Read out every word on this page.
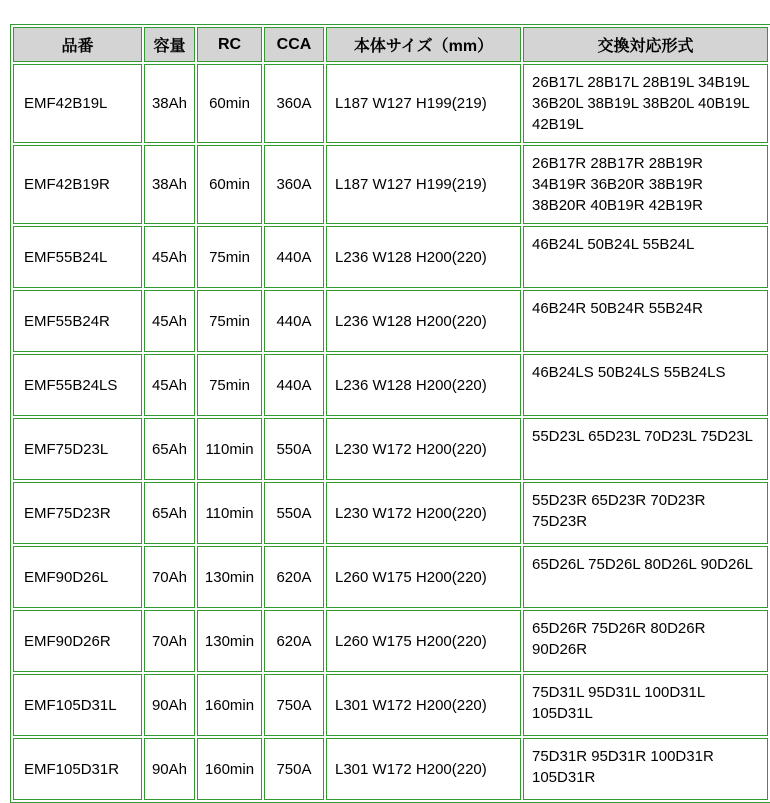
品番	容量	RC	CCA	本体サイズ（mm）	交換対応形式
EMF42B19L	38Ah	60min	360A	L187 W127 H199(219)	26B17L 28B17L 28B19L 34B19L 36B20L 38B19L 38B20L 40B19L 42B19L
EMF42B19R	38Ah	60min	360A	L187 W127 H199(219)	26B17R 28B17R 28B19R 34B19R 36B20R 38B19R 38B20R 40B19R 42B19R
EMF55B24L	45Ah	75min	440A	L236 W128 H200(220)	46B24L 50B24L 55B24L
EMF55B24R	45Ah	75min	440A	L236 W128 H200(220)	46B24R 50B24R 55B24R
EMF55B24LS	45Ah	75min	440A	L236 W128 H200(220)	46B24LS 50B24LS 55B24LS
EMF75D23L	65Ah	110min	550A	L230 W172 H200(220)	55D23L 65D23L 70D23L 75D23L
EMF75D23R	65Ah	110min	550A	L230 W172 H200(220)	55D23R 65D23R 70D23R 75D23R
EMF90D26L	70Ah	130min	620A	L260 W175 H200(220)	65D26L 75D26L 80D26L 90D26L
EMF90D26R	70Ah	130min	620A	L260 W175 H200(220)	65D26R 75D26R 80D26R 90D26R
EMF105D31L	90Ah	160min	750A	L301 W172 H200(220)	75D31L 95D31L 100D31L 105D31L
EMF105D31R	90Ah	160min	750A	L301 W172 H200(220)	75D31R 95D31R 100D31R 105D31R
